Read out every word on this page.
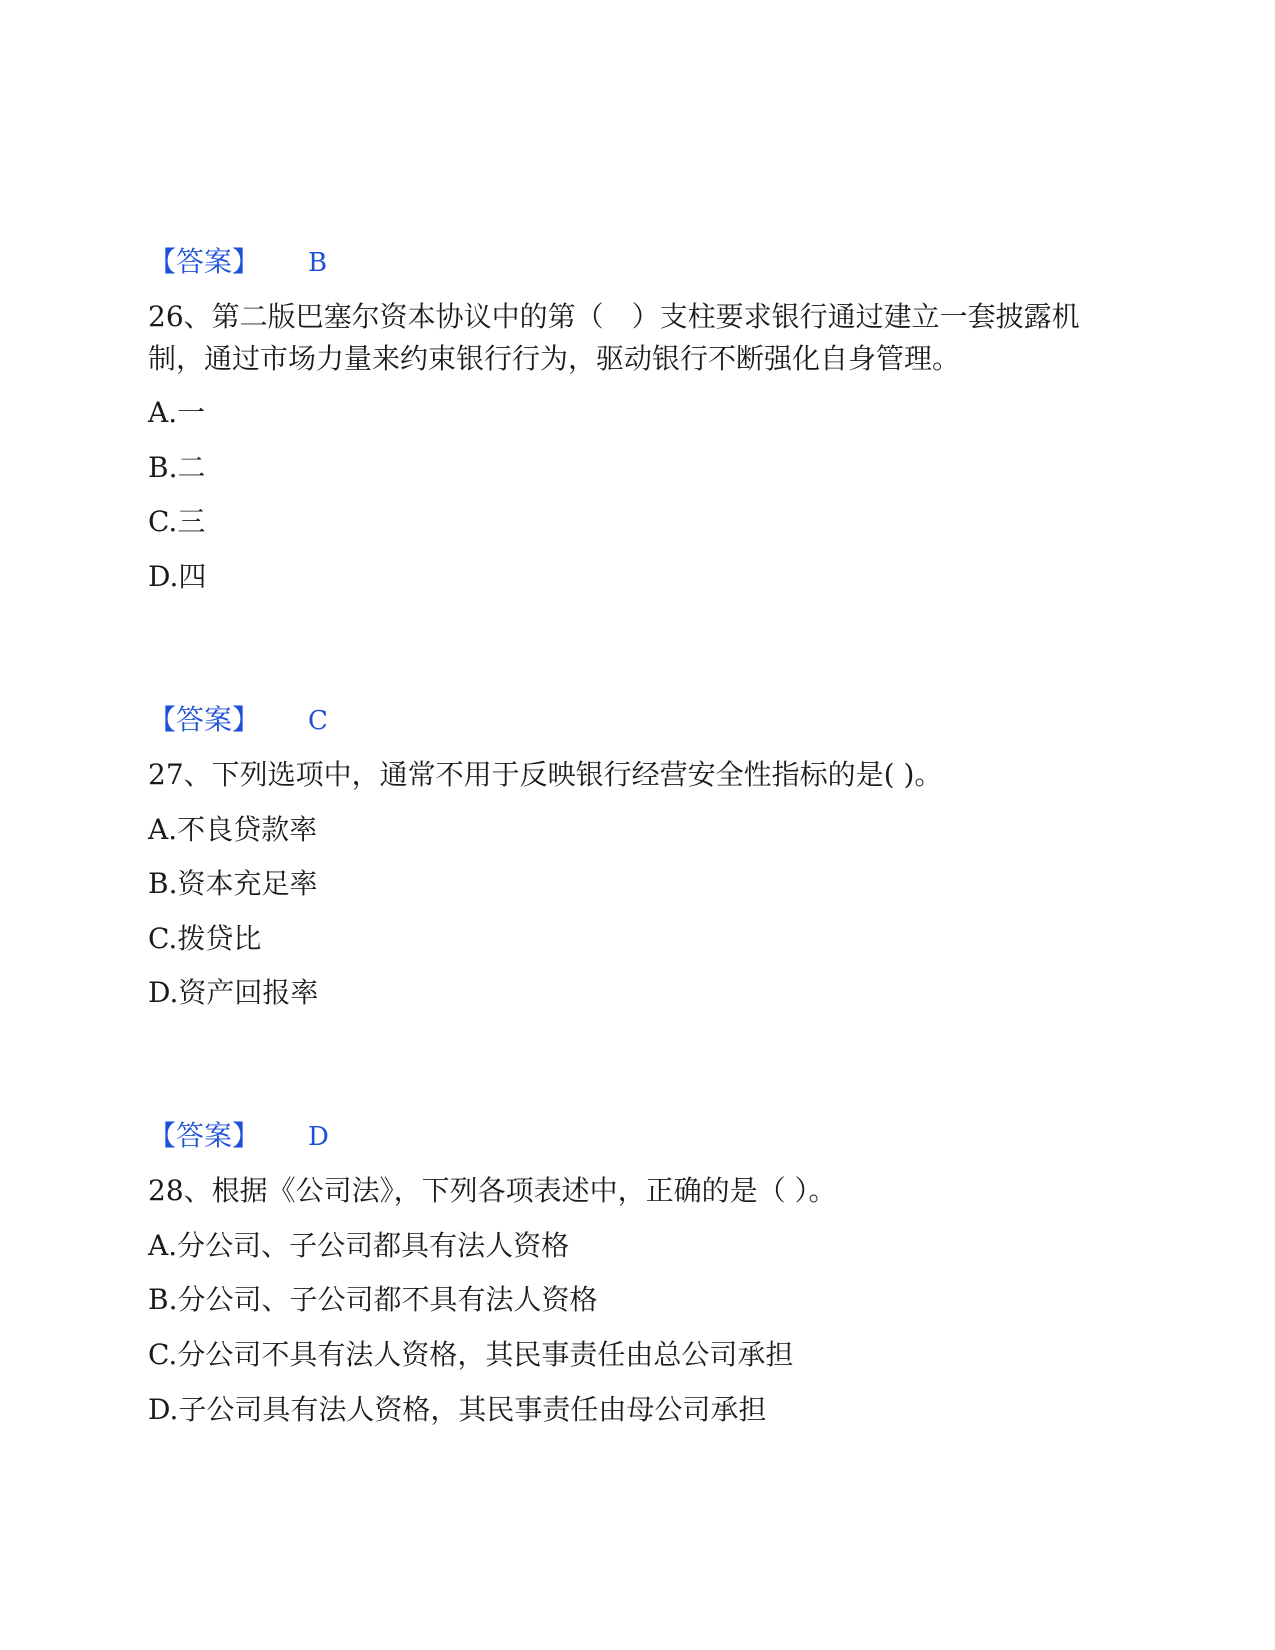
【答案】 B
26、第二版巴塞尔资本协议中的第（　）支柱要求银行通过建立一套披露机
制，通过市场力量来约束银行行为，驱动银行不断强化自身管理。
A.一
B.二
C.三
D.四
【答案】 C
27、下列选项中，通常不用于反映银行经营安全性指标的是( )。
A.不良贷款率
B.资本充足率
C.拨贷比
D.资产回报率
【答案】 D
28、根据《公司法》，下列各项表述中，正确的是（ ）。
A.分公司、子公司都具有法人资格
B.分公司、子公司都不具有法人资格
C.分公司不具有法人资格，其民事责任由总公司承担
D.子公司具有法人资格，其民事责任由母公司承担
